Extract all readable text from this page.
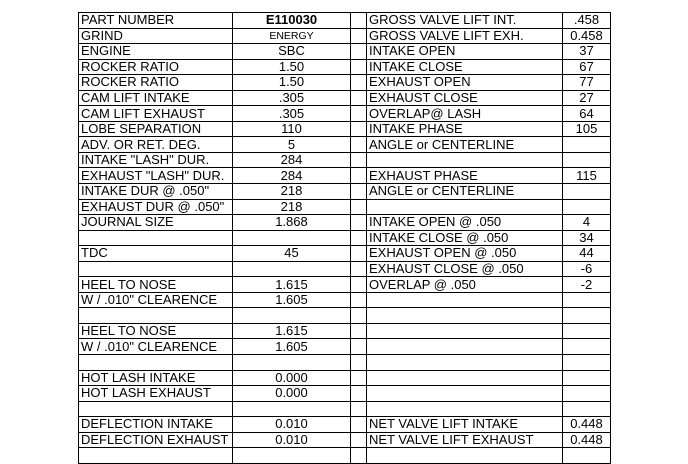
PART NUMBER	E110030		GROSS VALVE LIFT INT.	.458
GRIND	ENERGY		GROSS VALVE LIFT EXH.	0.458
ENGINE	SBC		INTAKE OPEN	37
ROCKER RATIO	1.50		INTAKE CLOSE	67
ROCKER RATIO	1.50		EXHAUST OPEN	77
CAM LIFT INTAKE	.305		EXHAUST CLOSE	27
CAM LIFT EXHAUST	.305		OVERLAP@ LASH	64
LOBE SEPARATION	110		INTAKE PHASE	105
ADV. OR RET. DEG.	5		ANGLE or CENTERLINE	
INTAKE "LASH" DUR.	284			
EXHAUST "LASH" DUR.	284		EXHAUST PHASE	115
INTAKE DUR @ .050"	218		ANGLE or CENTERLINE	
EXHAUST DUR @ .050"	218			
JOURNAL SIZE	1.868		INTAKE OPEN @ .050	4
			INTAKE CLOSE @ .050	34
TDC	45		EXHAUST OPEN @ .050	44
			EXHAUST CLOSE @ .050	-6
HEEL TO NOSE	1.615		OVERLAP @ .050	-2
W / .010" CLEARENCE	1.605			

HEEL TO NOSE	1.615			
W / .010" CLEARENCE	1.605			

HOT LASH INTAKE	0.000			
HOT LASH EXHAUST	0.000			

DEFLECTION INTAKE	0.010		NET VALVE LIFT INTAKE	0.448
DEFLECTION EXHAUST	0.010		NET VALVE LIFT EXHAUST	0.448
